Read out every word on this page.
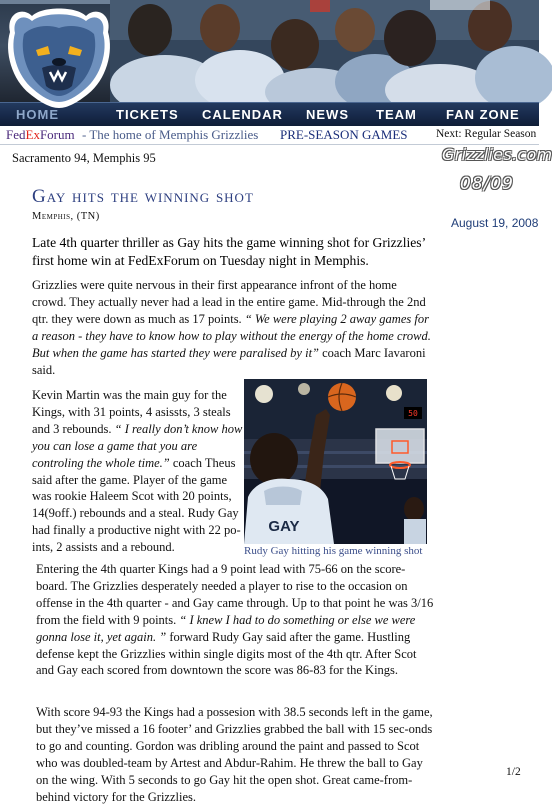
HOME	TICKETS CALENDAR NEWS TEAM FAN ZONE
FedExForum - The home of Memphis Grizzlies PRE-SEASON GAMES Next: Regular Season
Grizzlies.com
08/09
August 19, 2008
Sacramento 94, Memphis 95
Gay hits the winning shot
Memphis, (TN)
Late 4th quarter thriller as Gay hits the game winning shot for Grizzlies’ first home win at FedExForum on Tuesday night in Memphis.
Grizzlies were quite nervous in their first appearance infront of the home crowd. They actually never had a lead in the entire game. Mid-through the 2nd qtr. they were down as much as 17 points. “ We were playing 2 away games for a reason - they have to know how to play without the energy of the home crowd. But when the game has started they were paralised by it” coach Marc Iavaroni said.
Kevin Martin was the main guy for the Kings, with 31 points, 4 asissts, 3 steals and 3 rebounds. “ I really don’t know how you can lose a game that you are controling the whole time.” coach Theus said after the game. Player of the game was rookie Haleem Scot with 20 points, 14(9off.) rebounds and a steal. Rudy Gay had finally a productive night with 22 po-ints, 2 assists and a rebound.
50
GAY
Rudy Gay hitting his game winning shot
Entering the 4th quarter Kings had a 9 point lead with 75-66 on the score-board. The Grizzlies desperately needed a player to rise to the occasion on offense in the 4th quarter - and Gay came through. Up to that point he was 3/16 from the field with 9 points. “ I knew I had to do something or else we were gonna lose it, yet again. ” forward Rudy Gay said after the game. Hustling defense kept the Grizzlies within single digits most of the 4th qtr. After Scot and Gay each scored from downtown the score was 86-83 for the Kings.
With score 94-93 the Kings had a possesion with 38.5 seconds left in the game, but they’ve missed a 16 footer’ and Grizzlies grabbed the ball with 15 sec-onds to go and counting. Gordon was dribling around the paint and passed to Scot who was doubled-team by Artest and Abdur-Rahim. He threw the ball to Gay on the wing. With 5 seconds to go Gay hit the open shot. Great came-from-behind victory for the Grizzlies.
1/2
